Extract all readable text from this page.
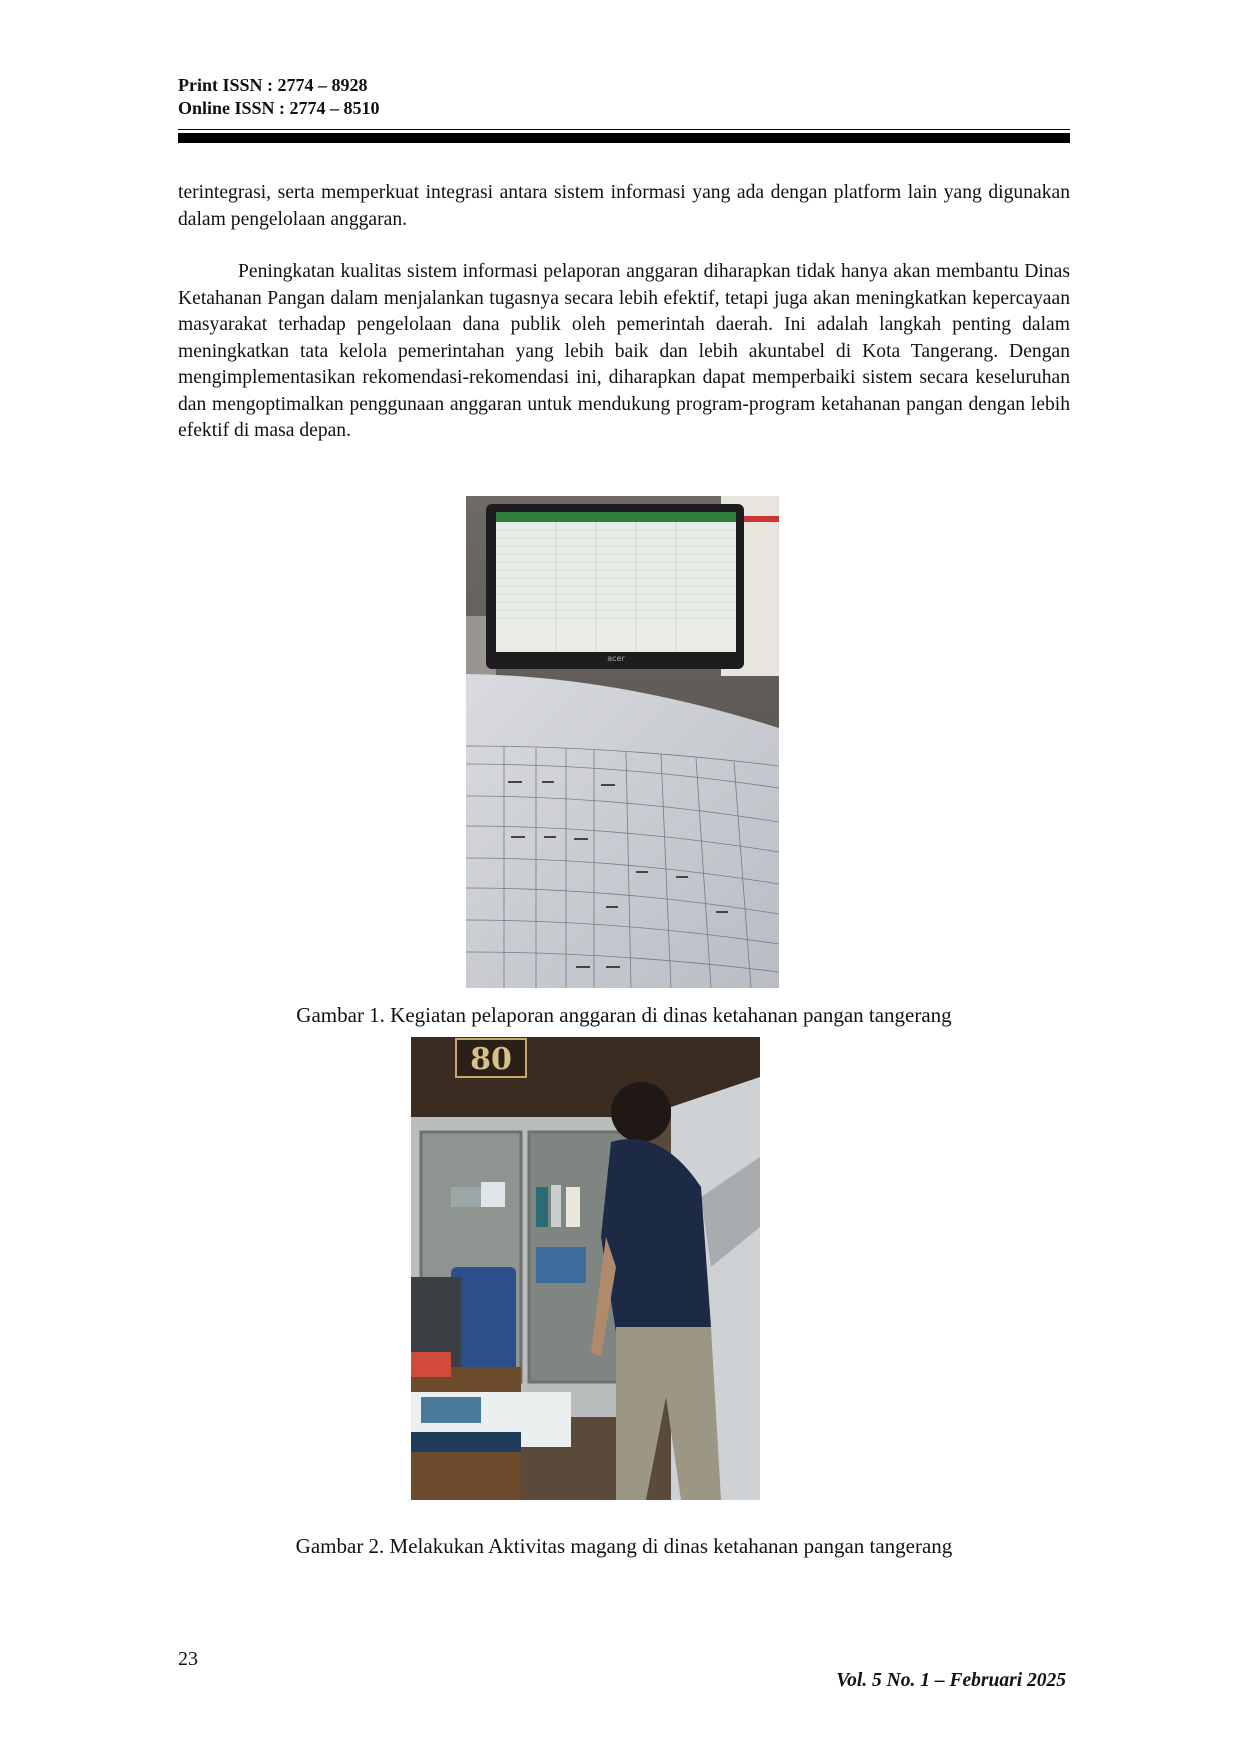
Print ISSN : 2774 – 8928

Online ISSN : 2774 – 8510

terintegrasi, serta memperkuat integrasi antara sistem informasi yang ada dengan platform lain yang digunakan dalam pengelolaan anggaran.

Peningkatan kualitas sistem informasi pelaporan anggaran diharapkan tidak hanya akan membantu Dinas Ketahanan Pangan dalam menjalankan tugasnya secara lebih efektif, tetapi juga akan meningkatkan kepercayaan masyarakat terhadap pengelolaan dana publik oleh pemerintah daerah. Ini adalah langkah penting dalam meningkatkan tata kelola pemerintahan yang lebih baik dan lebih akuntabel di Kota Tangerang. Dengan mengimplementasikan rekomendasi-rekomendasi ini, diharapkan dapat memperbaiki sistem secara keseluruhan dan mengoptimalkan penggunaan anggaran untuk mendukung program-program ketahanan pangan dengan lebih efektif di masa depan.

acer
Gambar 1. Kegiatan pelaporan anggaran di dinas ketahanan pangan tangerang
80
Gambar 2. Melakukan Aktivitas magang di dinas ketahanan pangan tangerang
23
Vol. 5 No. 1 – Februari 2025
